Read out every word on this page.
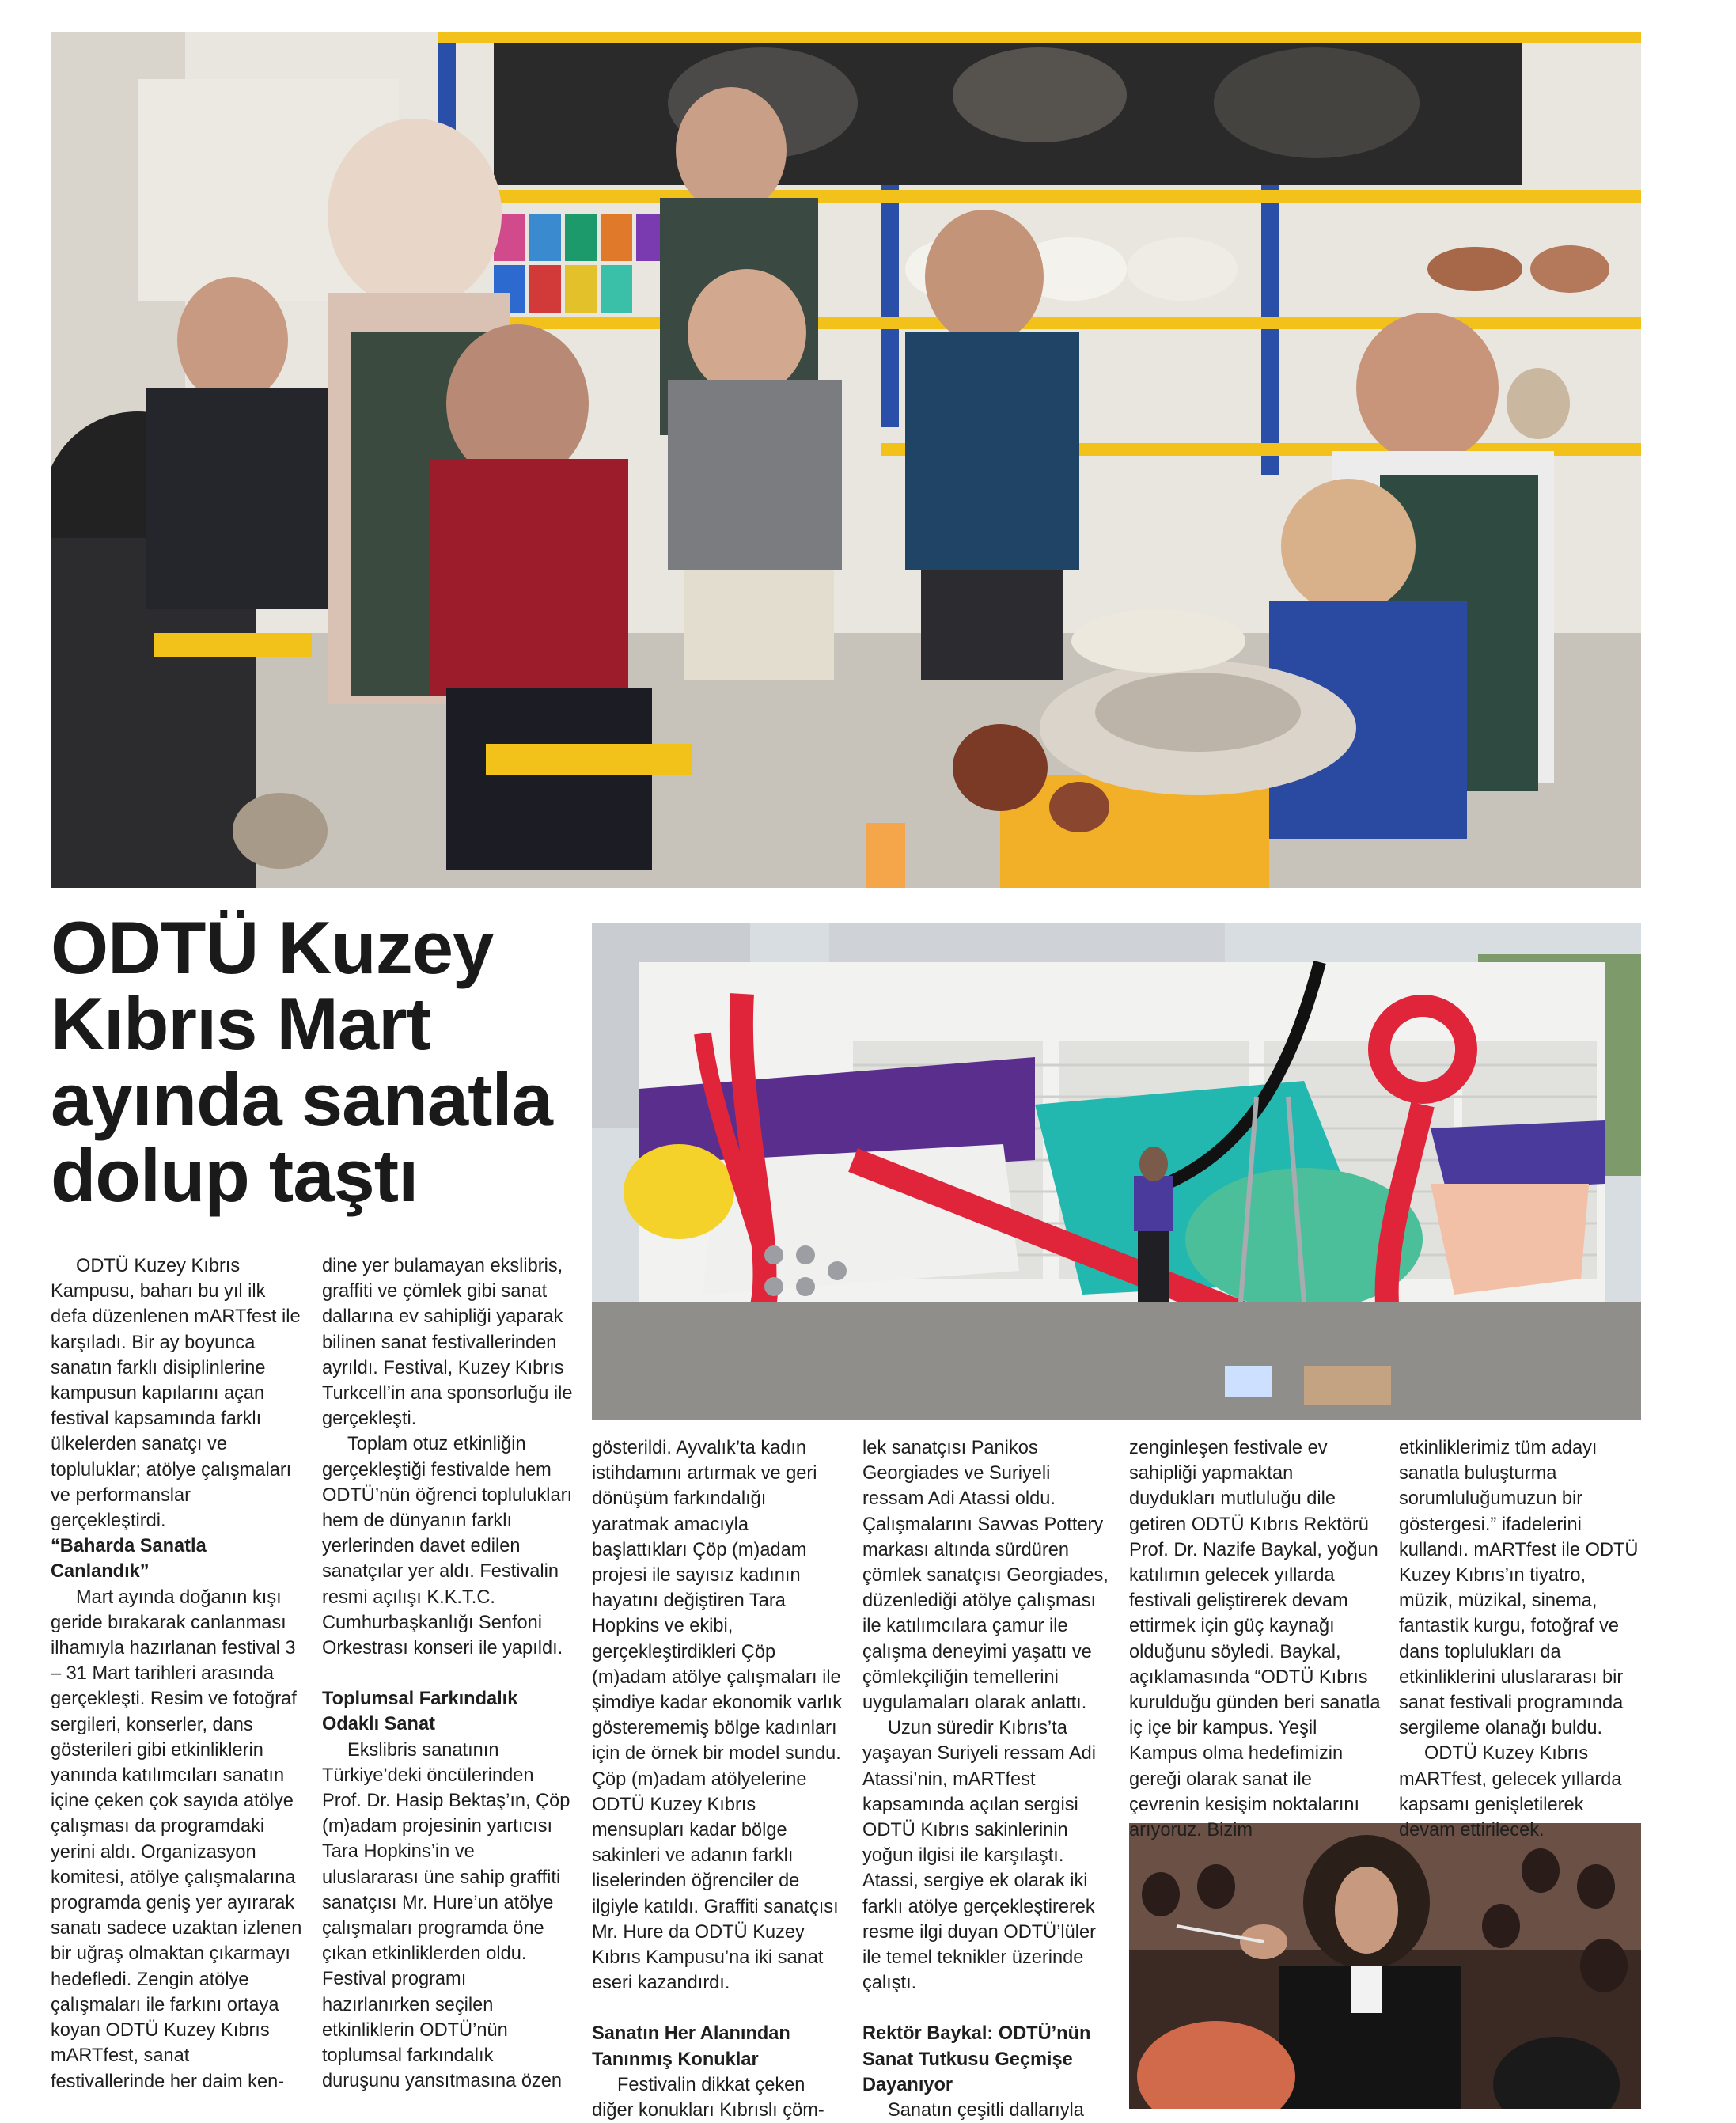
ODTÜ Kuzey Kıbrıs Mart ayında sanatla dolup taştı

ODTÜ Kuzey Kıbrıs Kampusu, baharı bu yıl ilk defa düzenlenen mARTfest ile karşıladı. Bir ay boyunca sanatın farklı disiplinlerine kampusun kapılarını açan festival kapsamında farklı ülkelerden sanatçı ve topluluklar; atölye çalışmaları ve performanslar gerçekleştirdi.

“Baharda Sanatla Canlandık”

Mart ayında doğanın kışı geride bırakarak canlanması ilhamıyla hazırlanan festival 3 – 31 Mart tarihleri arasında gerçekleşti. Resim ve fotoğraf sergileri, konserler, dans gösterileri gibi etkinliklerin yanında katılımcıları sanatın içine çeken çok sayıda atölye çalışması da programdaki yerini aldı. Organizasyon komitesi, atölye çalışmalarına programda geniş yer ayırarak sanatı sadece uzaktan izlenen bir uğraş olmaktan çıkarmayı hedefledi. Zengin atölye çalışmaları ile farkını ortaya koyan ODTÜ Kuzey Kıbrıs mARTfest, sanat festivallerinde her daim ken-

dine yer bulamayan ekslibris, graffiti ve çömlek gibi sanat dallarına ev sahipliği yaparak bilinen sanat festivallerinden ayrıldı. Festival, Kuzey Kıbrıs Turkcell’in ana sponsorluğu ile gerçekleşti.

Toplam otuz etkinliğin gerçekleştiği festivalde hem ODTÜ’nün öğrenci toplulukları hem de dünyanın farklı yerlerinden davet edilen sanatçılar yer aldı. Festivalin resmi açılışı K.K.T.C. Cumhurbaşkanlığı Senfoni Orkestrası konseri ile yapıldı.

Toplumsal Farkındalık Odaklı Sanat

Ekslibris sanatının Türkiye’deki öncülerinden Prof. Dr. Hasip Bektaş’ın, Çöp (m)adam projesinin yartıcısı Tara Hopkins’in ve uluslararası üne sahip graffiti sanatçısı Mr. Hure’un atölye çalışmaları programda öne çıkan etkinliklerden oldu. Festival programı hazırlanırken seçilen etkinliklerin ODTÜ’nün toplumsal farkındalık duruşunu yansıtmasına özen

gösterildi. Ayvalık’ta kadın istihdamını artırmak ve geri dönüşüm farkındalığı yaratmak amacıyla başlattıkları Çöp (m)adam projesi ile sayısız kadının hayatını değiştiren Tara Hopkins ve ekibi, gerçekleştirdikleri Çöp (m)adam atölye çalışmaları ile şimdiye kadar ekonomik varlık gösterememiş bölge kadınları için de örnek bir model sundu. Çöp (m)adam atölyelerine ODTÜ Kuzey Kıbrıs mensupları kadar bölge sakinleri ve adanın farklı liselerinden öğrenciler de ilgiyle katıldı. Graffiti sanatçısı Mr. Hure da ODTÜ Kuzey Kıbrıs Kampusu’na iki sanat eseri kazandırdı.

Sanatın Her Alanından Tanınmış Konuklar

Festivalin dikkat çeken diğer konukları Kıbrıslı çöm-

lek sanatçısı Panikos Georgiades ve Suriyeli ressam Adi Atassi oldu. Çalışmalarını Savvas Pottery markası altında sürdüren çömlek sanatçısı Georgiades, düzenlediği atölye çalışması ile katılımcılara çamur ile çalışma deneyimi yaşattı ve çömlekçiliğin temellerini uygulamaları olarak anlattı.

Uzun süredir Kıbrıs’ta yaşayan Suriyeli ressam Adi Atassi’nin, mARTfest kapsamında açılan sergisi ODTÜ Kıbrıs sakinlerinin yoğun ilgisi ile karşılaştı. Atassi, sergiye ek olarak iki farklı atölye gerçekleştirerek resme ilgi duyan ODTÜ’lüler ile temel teknikler üzerinde çalıştı.

Rektör Baykal: ODTÜ’nün Sanat Tutkusu Geçmişe Dayanıyor

Sanatın çeşitli dallarıyla

zenginleşen festivale ev sahipliği yapmaktan duydukları mutluluğu dile getiren ODTÜ Kıbrıs Rektörü Prof. Dr. Nazife Baykal, yoğun katılımın gelecek yıllarda festivali geliştirerek devam ettirmek için güç kaynağı olduğunu söyledi. Baykal, açıklamasında “ODTÜ Kıbrıs kurulduğu günden beri sanatla iç içe bir kampus. Yeşil Kampus olma hedefimizin gereği olarak sanat ile çevrenin kesişim noktalarını arıyoruz. Bizim

etkinliklerimiz tüm adayı sanatla buluşturma sorumluluğumuzun bir göstergesi.” ifadelerini kullandı. mARTfest ile ODTÜ Kuzey Kıbrıs’ın tiyatro, müzik, müzikal, sinema, fantastik kurgu, fotoğraf ve dans toplulukları da etkinliklerini uluslararası bir sanat festivali programında sergileme olanağı buldu.

ODTÜ Kuzey Kıbrıs mARTfest, gelecek yıllarda kapsamı genişletilerek devam ettirilecek.
